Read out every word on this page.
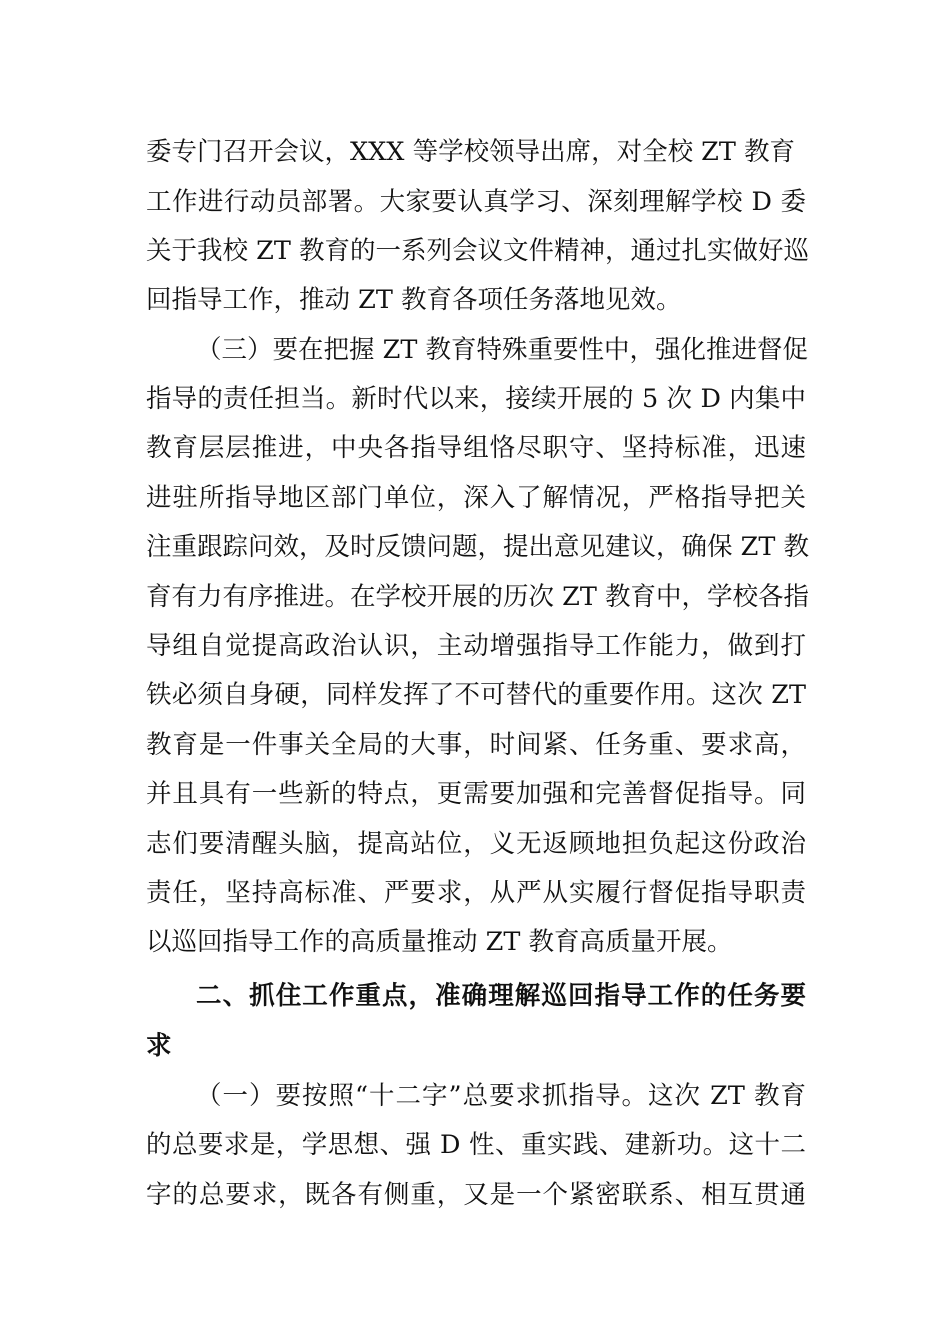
委专门召开会议，XXX 等学校领导出席，对全校 ZT 教育
工作进行动员部署。大家要认真学习、深刻理解学校 D 委
关于我校 ZT 教育的一系列会议文件精神，通过扎实做好巡
回指导工作，推动 ZT 教育各项任务落地见效。
（三）要在把握 ZT 教育特殊重要性中，强化推进督促
指导的责任担当。新时代以来，接续开展的 5 次 D 内集中
教育层层推进，中央各指导组恪尽职守、坚持标准，迅速
进驻所指导地区部门单位，深入了解情况，严格指导把关
注重跟踪问效，及时反馈问题，提出意见建议，确保 ZT 教
育有力有序推进。在学校开展的历次 ZT 教育中，学校各指
导组自觉提高政治认识，主动增强指导工作能力，做到打
铁必须自身硬，同样发挥了不可替代的重要作用。这次 ZT
教育是一件事关全局的大事，时间紧、任务重、要求高，
并且具有一些新的特点，更需要加强和完善督促指导。同
志们要清醒头脑，提高站位，义无返顾地担负起这份政治
责任，坚持高标准、严要求，从严从实履行督促指导职责
以巡回指导工作的高质量推动 ZT 教育高质量开展。
二、抓住工作重点，准确理解巡回指导工作的任务要
求
（一）要按照“十二字”总要求抓指导。这次 ZT 教育
的总要求是，学思想、强 D 性、重实践、建新功。这十二
字的总要求，既各有侧重，又是一个紧密联系、相互贯通
